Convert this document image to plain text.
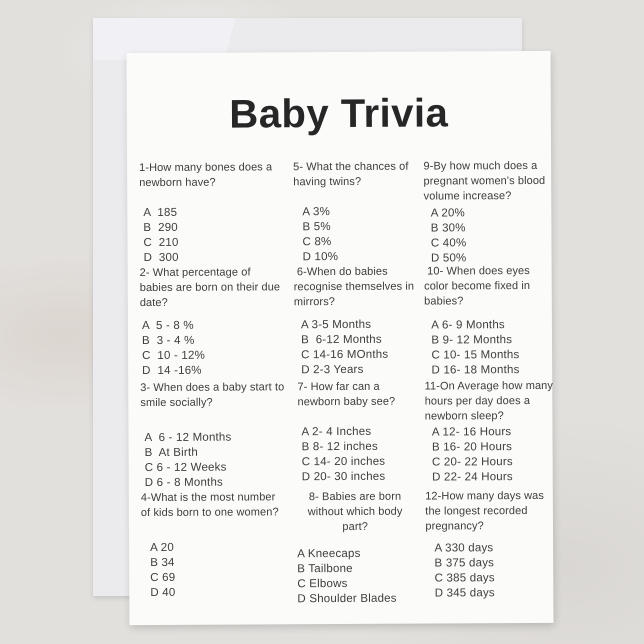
Baby Trivia

1-How many bones does a
newborn have?

A  185
B  290
C  210
D  300

2- What percentage of
babies are born on their due
date?

A  5 - 8 %
B  3 - 4 %
C  10 - 12%
D  14 -16%

3- When does a baby start to
smile socially?

A  6 - 12 Months
B  At Birth
C 6 - 12 Weeks
D 6 - 8 Months

4-What is the most number
of kids born to one women?

A 20
B 34
C 69
D 40

5- What the chances of
having twins?

A 3%
B 5%
C 8%
D 10%

6-When do babies
recognise themselves in
mirrors?

A 3-5 Months
B  6-12 Months
C 14-16 MOnths
D 2-3 Years

7- How far can a
newborn baby see?

A 2- 4 Inches
B 8- 12 inches
C 14- 20 inches
D 20- 30 inches

8- Babies are born
without which body
part?

A Kneecaps
B Tailbone
C Elbows
D Shoulder Blades

9-By how much does a
pregnant women's blood
volume increase?

A 20%
B 30%
C 40%
D 50%

10- When does eyes
color become fixed in
babies?

A 6- 9 Months
B 9- 12 Months
C 10- 15 Months
D 16- 18 Months

11-On Average how many
hours per day does a
newborn sleep?

A 12- 16 Hours
B 16- 20 Hours
C 20- 22 Hours
D 22- 24 Hours

12-How many days was
the longest recorded
pregnancy?

A 330 days
B 375 days
C 385 days
D 345 days
